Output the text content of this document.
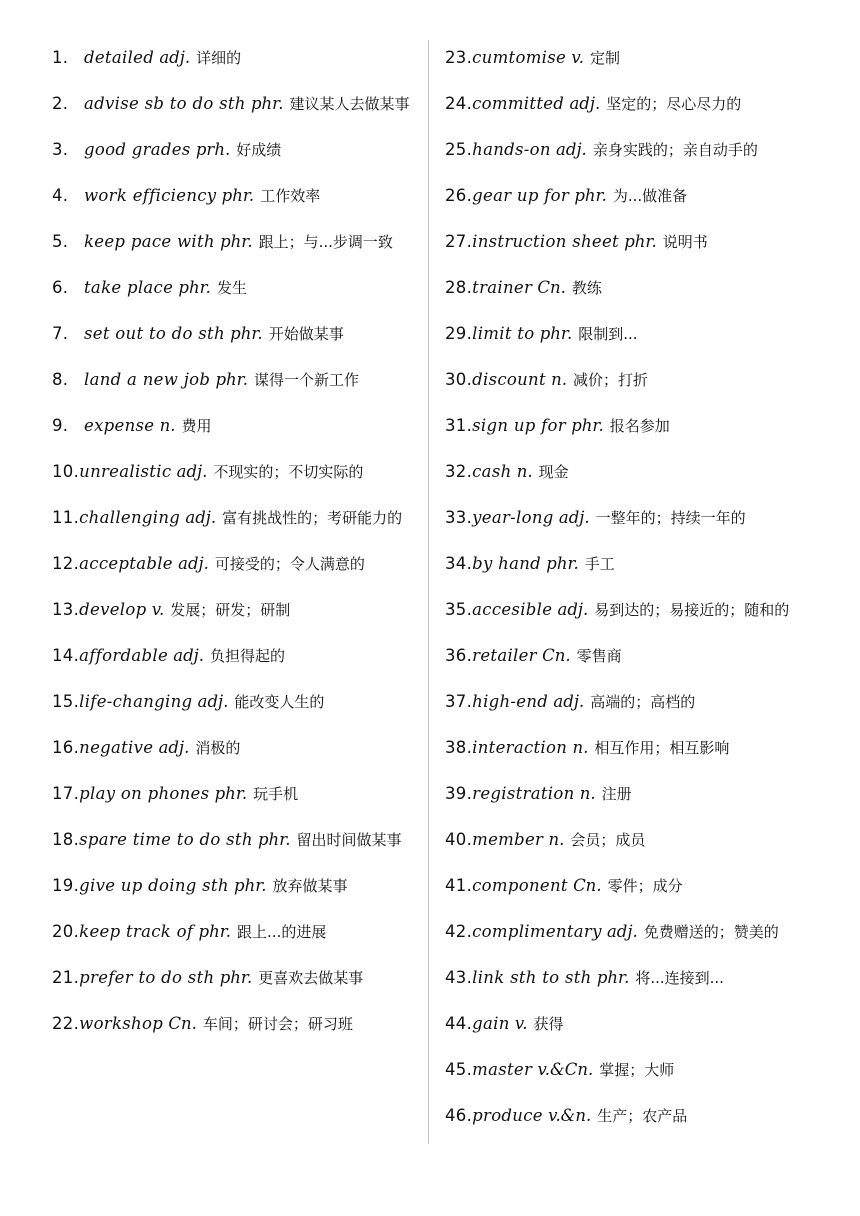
1. detailed adj. 详细的
2. advise sb to do sth phr. 建议某人去做某事
3. good grades prh. 好成绩
4. work efficiency phr. 工作效率
5. keep pace with phr. 跟上；与...步调一致
6. take place phr. 发生
7. set out to do sth phr. 开始做某事
8. land a new job phr. 谋得一个新工作
9. expense n. 费用
10. unrealistic adj. 不现实的；不切实际的
11. challenging adj. 富有挑战性的；考研能力的
12. acceptable adj. 可接受的；令人满意的
13. develop v. 发展；研发；研制
14. affordable adj. 负担得起的
15. life-changing adj. 能改变人生的
16. negative adj. 消极的
17. play on phones phr. 玩手机
18. spare time to do sth phr. 留出时间做某事
19. give up doing sth phr. 放弃做某事
20. keep track of phr. 跟上...的进展
21. prefer to do sth phr. 更喜欢去做某事
22. workshop Cn. 车间；研讨会；研习班
23. cumtomise v. 定制
24. committed adj. 坚定的；尽心尽力的
25. hands-on adj. 亲身实践的；亲自动手的
26. gear up for phr. 为...做准备
27. instruction sheet phr. 说明书
28. trainer Cn. 教练
29. limit to phr. 限制到...
30. discount n. 减价；打折
31. sign up for phr. 报名参加
32. cash n. 现金
33. year-long adj. 一整年的；持续一年的
34. by hand phr. 手工
35. accesible adj. 易到达的；易接近的；随和的
36. retailer Cn. 零售商
37. high-end adj. 高端的；高档的
38. interaction n. 相互作用；相互影响
39. registration n. 注册
40. member n. 会员；成员
41. component Cn. 零件；成分
42. complimentary adj. 免费赠送的；赞美的
43. link sth to sth phr. 将...连接到...
44. gain v. 获得
45. master v.&Cn. 掌握；大师
46. produce v.&n. 生产；农产品
